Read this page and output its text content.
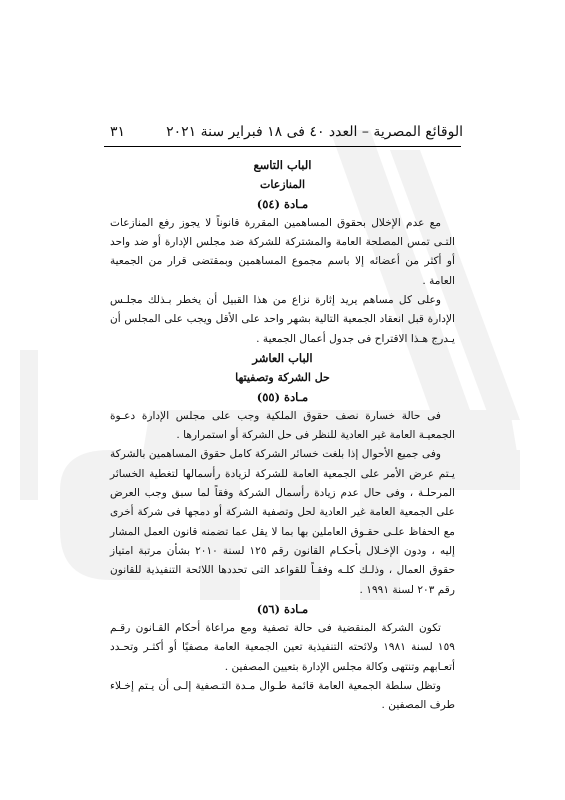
الوقائع المصرية – العدد ٤٠ فى ١٨ فبراير سنة ٢٠٢١
٣١
الباب التاسع
المنازعات
مـادة (٥٤)

مع عدم الإخلال بحقوق المساهمين المقررة قانوناً لا يجوز رفع المنازعات التـى تمس المصلحة العامة والمشتركة للشركة ضد مجلس الإدارة أو ضد واحد أو أكثر من أعضائه إلا باسم مجموع المساهمين وبمقتضى قرار من الجمعية العامة .

وعلى كل مساهم يريد إثارة نزاع من هذا القبيل أن يخطر بـذلك مجلـس الإدارة قبل انعقاد الجمعية التالية بشهر واحد على الأقل ويجب على المجلس أن يـدرج هـذا الاقتراح فى جدول أعمال الجمعية .

الباب العاشر
حل الشركة وتصفيتها
مـادة (٥٥)

فى حالة خسارة نصف حقوق الملكية وجب على مجلس الإدارة دعـوة الجمعيـة العامة غير العادية للنظر فى حل الشركة أو استمرارها .

وفى جميع الأحوال إذا بلغت خسائر الشركة كامل حقوق المساهمين بالشركة يـتم عرض الأمر على الجمعية العامة للشركة لزيادة رأسمالها لتغطية الخسائر المرحلـة ، وفى حال عدم زيادة رأسمال الشركة وفقاً لما سبق وجب العرض على الجمعية العامة غير العادية لحل وتصفية الشركة أو دمجها فى شركة أخرى مع الحفاظ علـى حقـوق العاملين بها بما لا يقل عما تضمنه قانون العمل المشار إليه ، ودون الإخـلال بأحكـام القانون رقم ١٢٥ لسنة ٢٠١٠ بشأن مرتبة امتياز حقوق العمال ، وذلـك كلـه وفقـاً للقواعد التى تحددها اللائحة التنفيذية للقانون رقم ٢٠٣ لسنة ١٩٩١ .

مـادة (٥٦)

تكون الشركة المنقضية فى حالة تصفية ومع مراعاة أحكام القـانون رقـم ١٥٩ لسنة ١٩٨١ ولائحته التنفيذية تعين الجمعية العامة مصفيًا أو أكثـر وتحـدد أتعـابهم وتنتهى وكالة مجلس الإدارة بتعيين المصفين .

وتظل سلطة الجمعية العامة قائمة طـوال مـدة التـصفية إلـى أن يـتم إخـلاء طرف المصفين .
